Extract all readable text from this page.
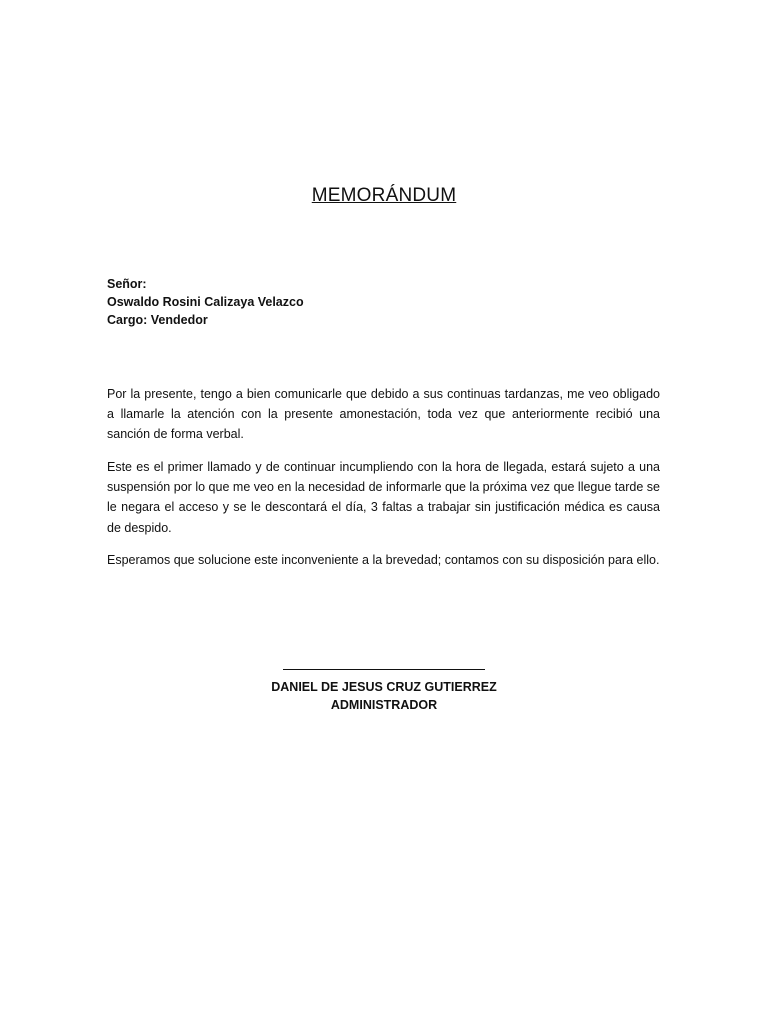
MEMORÁNDUM
Señor:
Oswaldo Rosini Calizaya Velazco
Cargo: Vendedor

Por la presente, tengo a bien comunicarle que debido a sus continuas tardanzas, me veo obligado a llamarle la atención con la presente amonestación, toda vez que anteriormente recibió una sanción de forma verbal.

Este es el primer llamado y de continuar incumpliendo con la hora de llegada, estará sujeto a una suspensión por lo que me veo en la necesidad de informarle que la próxima vez que llegue tarde se le negara el acceso y se le descontará el día, 3 faltas a trabajar sin justificación médica es causa de despido.

Esperamos que solucione este inconveniente a la brevedad; contamos con su disposición para ello.

DANIEL DE JESUS CRUZ GUTIERREZ
ADMINISTRADOR
